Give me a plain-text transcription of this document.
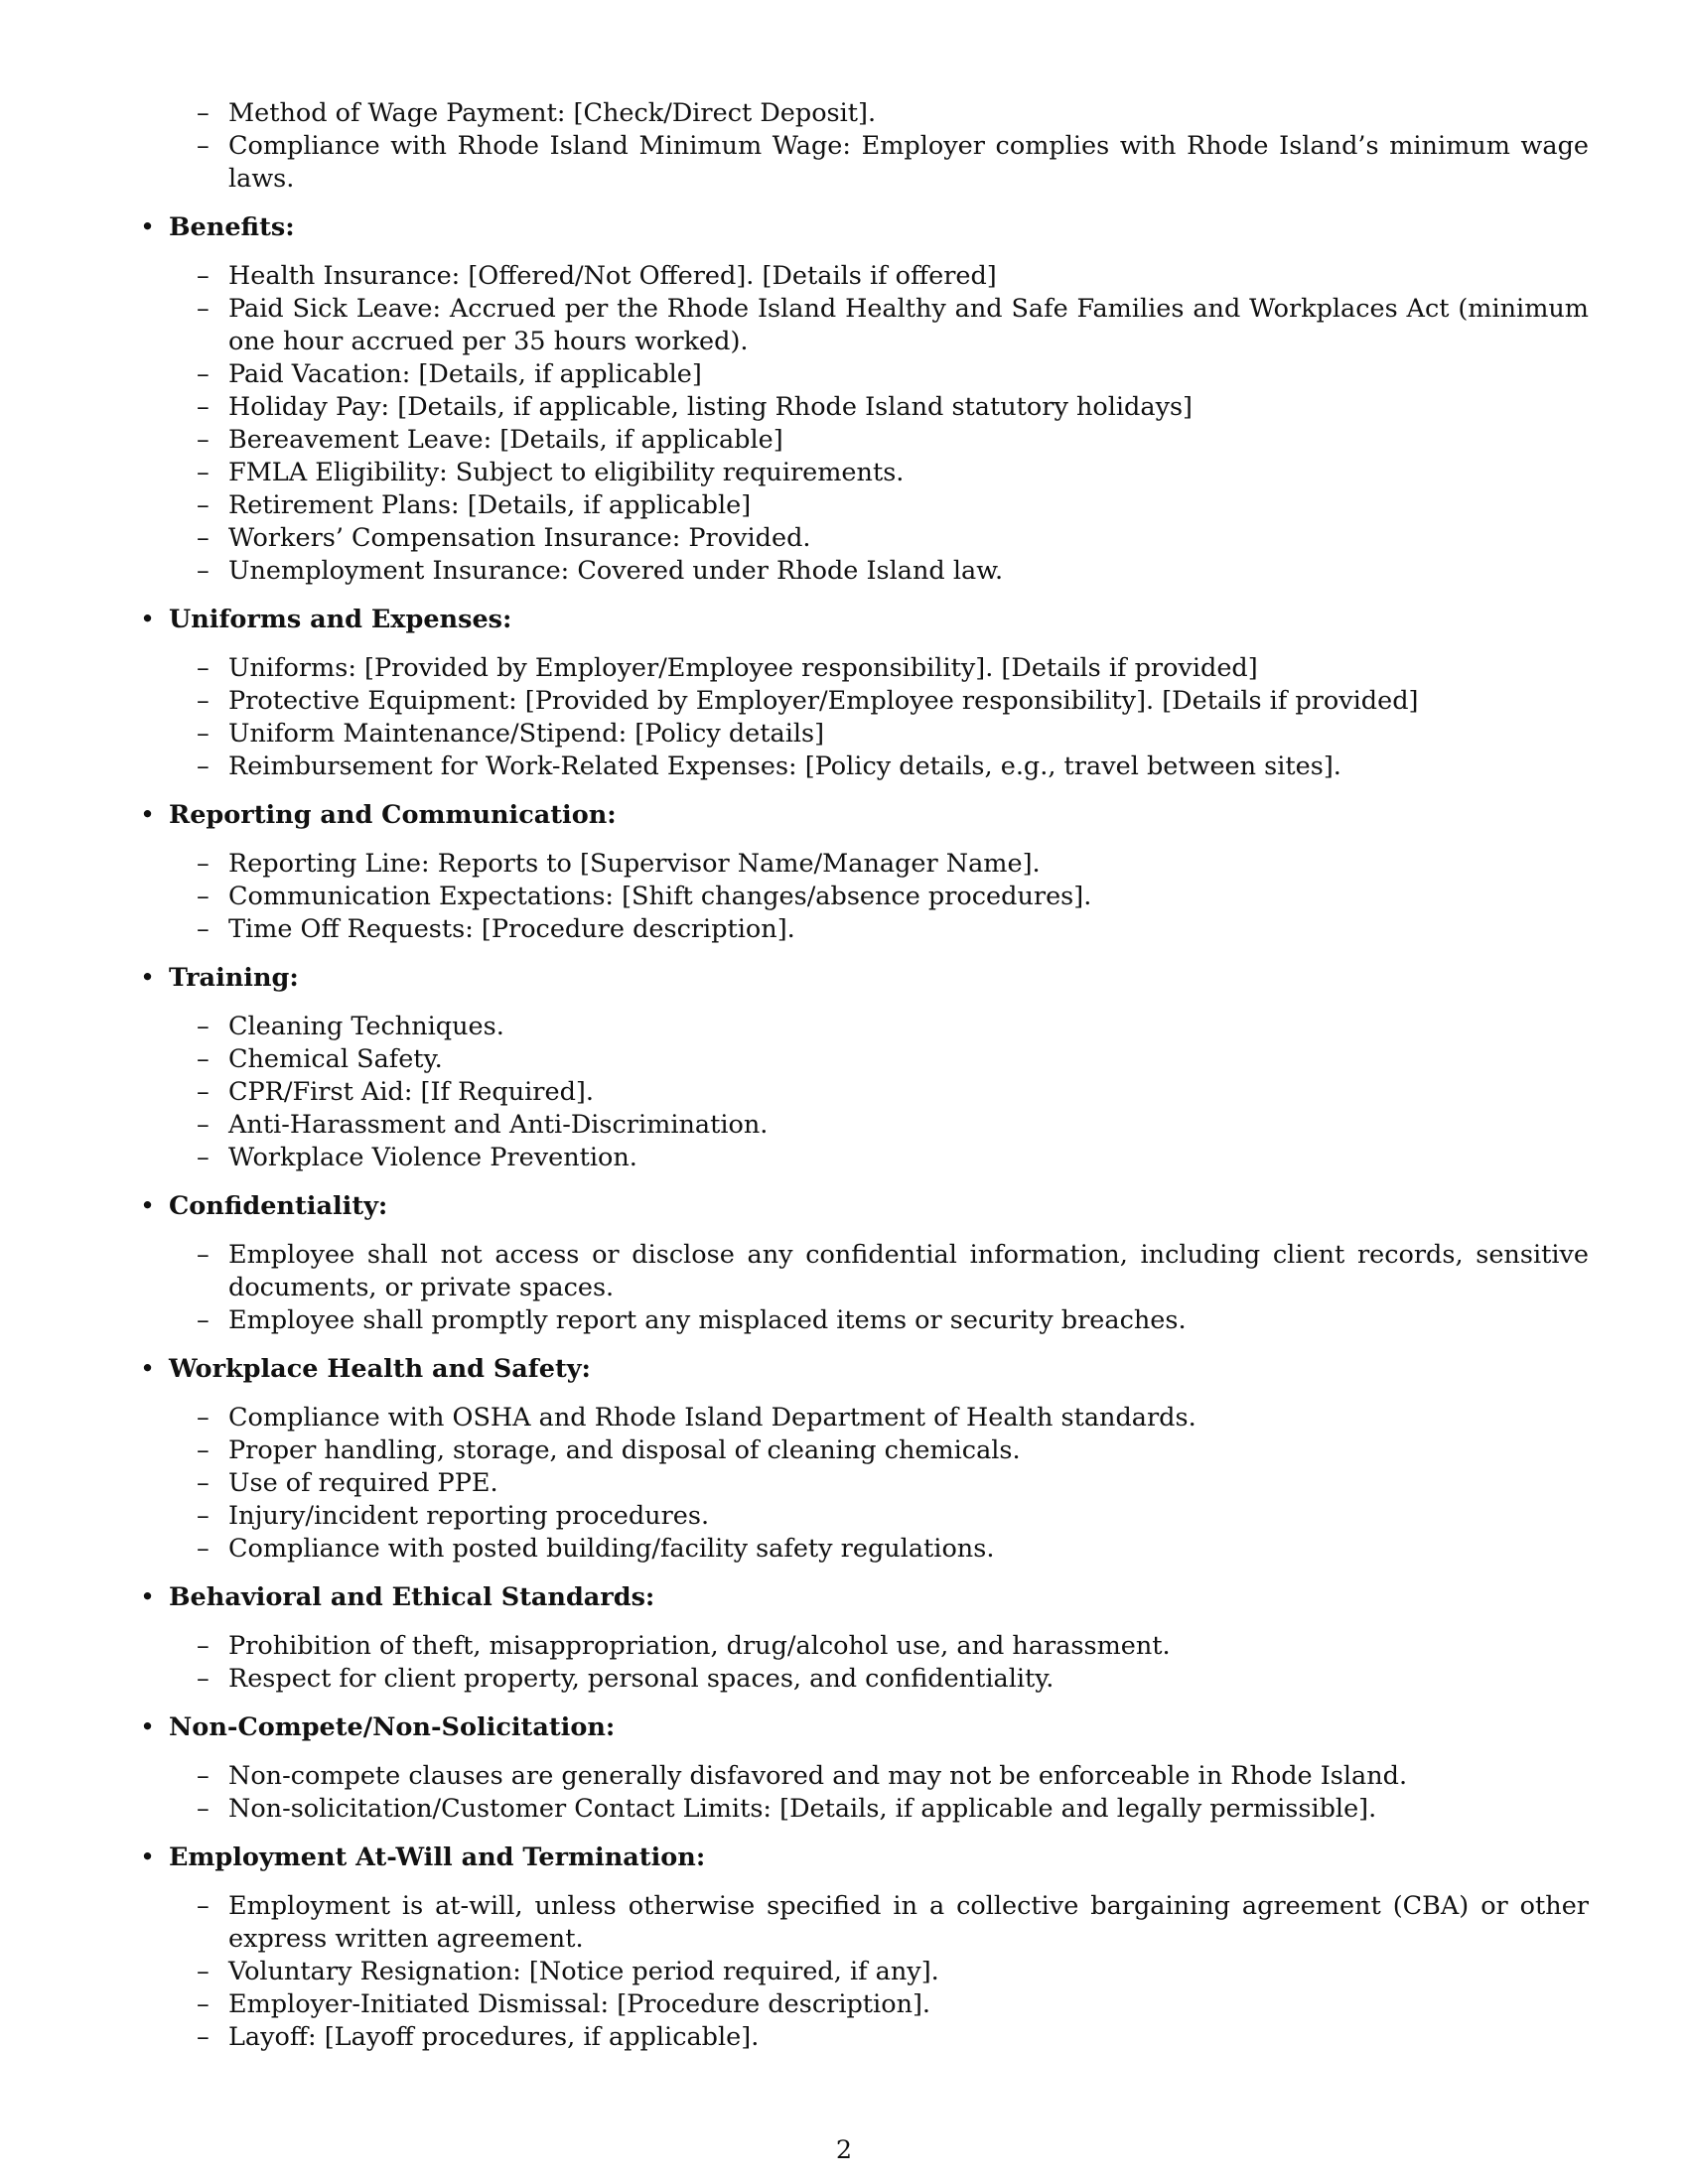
– Method of Wage Payment: [Check/Direct Deposit].
– Compliance with Rhode Island Minimum Wage: Employer complies with Rhode Island’s minimum wage laws.
• Benefits:
– Health Insurance: [Offered/Not Offered]. [Details if offered]
– Paid Sick Leave: Accrued per the Rhode Island Healthy and Safe Families and Workplaces Act (minimum one hour accrued per 35 hours worked).
– Paid Vacation: [Details, if applicable]
– Holiday Pay: [Details, if applicable, listing Rhode Island statutory holidays]
– Bereavement Leave: [Details, if applicable]
– FMLA Eligibility: Subject to eligibility requirements.
– Retirement Plans: [Details, if applicable]
– Workers’ Compensation Insurance: Provided.
– Unemployment Insurance: Covered under Rhode Island law.
• Uniforms and Expenses:
– Uniforms: [Provided by Employer/Employee responsibility]. [Details if provided]
– Protective Equipment: [Provided by Employer/Employee responsibility]. [Details if provided]
– Uniform Maintenance/Stipend: [Policy details]
– Reimbursement for Work-Related Expenses: [Policy details, e.g., travel between sites].
• Reporting and Communication:
– Reporting Line: Reports to [Supervisor Name/Manager Name].
– Communication Expectations: [Shift changes/absence procedures].
– Time Off Requests: [Procedure description].
• Training:
– Cleaning Techniques.
– Chemical Safety.
– CPR/First Aid: [If Required].
– Anti-Harassment and Anti-Discrimination.
– Workplace Violence Prevention.
• Confidentiality:
– Employee shall not access or disclose any confidential information, including client records, sensitive documents, or private spaces.
– Employee shall promptly report any misplaced items or security breaches.
• Workplace Health and Safety:
– Compliance with OSHA and Rhode Island Department of Health standards.
– Proper handling, storage, and disposal of cleaning chemicals.
– Use of required PPE.
– Injury/incident reporting procedures.
– Compliance with posted building/facility safety regulations.
• Behavioral and Ethical Standards:
– Prohibition of theft, misappropriation, drug/alcohol use, and harassment.
– Respect for client property, personal spaces, and confidentiality.
• Non-Compete/Non-Solicitation:
– Non-compete clauses are generally disfavored and may not be enforceable in Rhode Island.
– Non-solicitation/Customer Contact Limits: [Details, if applicable and legally permissible].
• Employment At-Will and Termination:
– Employment is at-will, unless otherwise specified in a collective bargaining agreement (CBA) or other express written agreement.
– Voluntary Resignation: [Notice period required, if any].
– Employer-Initiated Dismissal: [Procedure description].
– Layoff: [Layoff procedures, if applicable].
2
